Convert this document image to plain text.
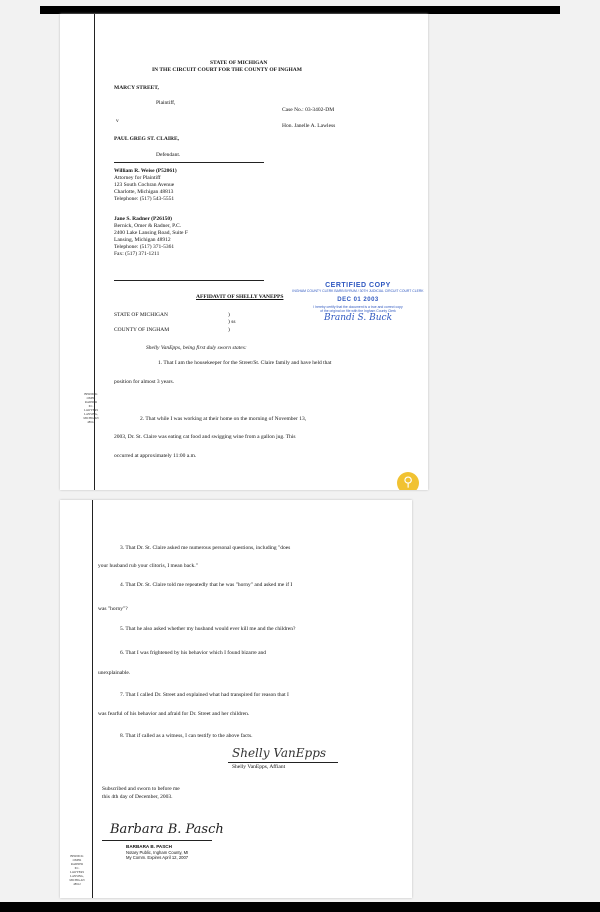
STATE OF MICHIGAN
IN THE CIRCUIT COURT FOR THE COUNTY OF INGHAM
MARCY STREET,
Plaintiff,
Case No.: 03-3402-DM
v
Hon. Janelle A. Lawless
PAUL GREG ST. CLAIRE,
Defendant.
William R. Weise (P52061)
Attorney for Plaintiff
123 South Cochran Avenue
Charlotte, Michigan 48813
Telephone: (517) 543-5551
Jane S. Radner (P26150)
Bernick, Omer & Radner, P.C.
2400 Lake Lansing Road, Suite F
Lansing, Michigan 48912
Telephone: (517) 371-5361
Fax: (517) 371-1211
AFFIDAVIT OF SHELLY VANEPPS
CERTIFIED COPY
INGHAM COUNTY CLERK BARB BYRUM / 30TH JUDICIAL CIRCUIT COURT CLERK
DEC 01 2003
I hereby certify that the document is a true and correct copy of the original on file with the Ingham County Clerk
Brandi S. Buck
STATE OF MICHIGAN	)
) ss
COUNTY OF INGHAM	)
Shelly VanEpps, being first duly sworn states:
1. That I am the housekeeper for the Street/St. Claire family and have held that
position for almost 3 years.
2. That while I was working at their home on the morning of November 13,
2003, Dr. St. Claire was eating cat food and swigging wine from a gallon jug. This
occurred at approximately 11:00 a.m.
⚲
BERNICK
OMER
RADNER
P.C.
LAWYERS
LANSING,
MICHIGAN
48912
3. That Dr. St. Claire asked me numerous personal questions, including "does
your husband rub your clitoris, I mean back."
4. That Dr. St. Claire told me repeatedly that he was "horny" and asked me if I
was "horny"?
5. That he also asked whether my husband would ever kill me and the children?
6. That I was frightened by his behavior which I found bizarre and
unexplainable.
7. That I called Dr. Street and explained what had transpired for reason that I
was fearful of his behavior and afraid for Dr. Street and her children.
8. That if called as a witness, I can testify to the above facts.
Shelly VanEpps
Shelly VanEpps, Affiant
Subscribed and sworn to before me
this 4th day of December, 2003.
Barbara B. Pasch
BARBARA B. PASCH
Notary Public, Ingham County, MI
My Comm. Expires April 12, 2007
BERNICK
OMER
RADNER
P.C.
LAWYERS
LANSING,
MICHIGAN
48912
